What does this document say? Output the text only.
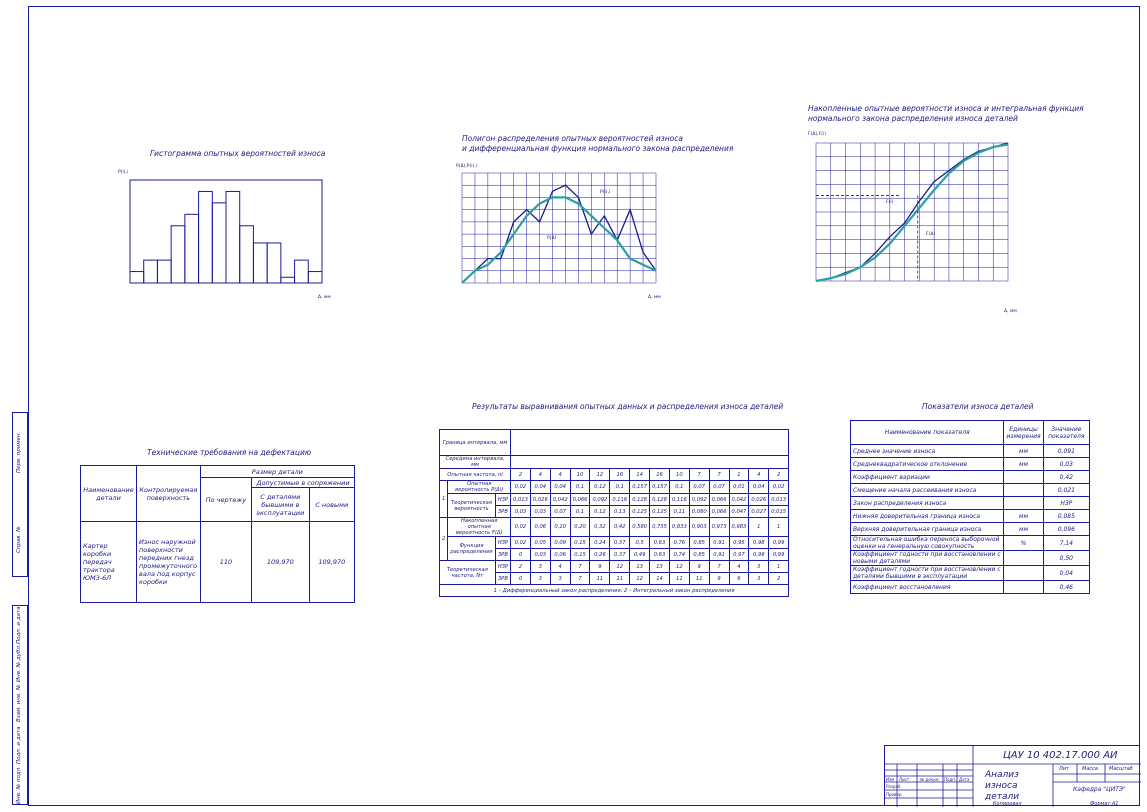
Перв. примен.
Справ. №
Подп. и дата
Инв. № дубл.
Взам. инв. №
Подп. и дата
Инв. № подл.
Гистограмма опытных вероятностей износа
P(i),i
Δ, мм
Полигон распределения опытных вероятностей износа
и дифференциальная функция нормального закона распределения
P(Δ),P(i),i
Δ, мм
P(i),i
P(Δ)
Накопленные опытные вероятности износа и интегральная функция
нормального закона распределения износа деталей
F(Δ),F(i)
Δ, мм
F(i)
F(Δ)
Технические требования на дефектацию
Наименование детали	Контролируемая поверхность	Размер детали		
		По чертежу	Допустимые в сопряжении	
			С деталями бывшими в эксплуатации	С новыми
Картер коробки передач трактора ЮМЗ-6Л	Износ наружной поверхности передних гнезд промежуточного вала под корпус коробки	110	109,970	109,970
Результаты выравнивания опытных данных и распределения износа деталей
Граница интервала, мм																
Середина интервала, мм																
Опытная частота, ni			2	4	4	10	12	16	14	16	10	7	7	1	4	2
1	Опытная вероятность P(Δi)		0,02	0,04	0,04	0,1	0,12	0,1	0,157	0,157	0,1	0,07	0,07	0,01	0,04	0,02
	Теоретическая вероятность	НЗР	0,013	0,026	0,042	0,066	0,092	0,116	0,128	0,128	0,116	0,092	0,066	0,042	0,026	0,013
		ЗРВ	0,03	0,03	0,07	0,1	0,12	0,13	0,125	0,125	0,11	0,080	0,066	0,047	0,027	0,015
2	Накопленная опытная вероятность F(Δ)		0,02	0,06	0,10	0,20	0,32	0,42	0,580	0,735	0,833	0,903	0,973	0,983	1	1
	Функция распределения	НЗР	0,02	0,05	0,09	0,15	0,24	0,37	0,5	0,63	0,76	0,85	0,91	0,95	0,98	0,99
		ЗРВ	0	0,03	0,06	0,15	0,26	0,37	0,49	0,63	0,74	0,85	0,91	0,97	0,99	0,99
Теоретическая частота, Nт		НЗР	2	3	4	7	9	12	13	13	12	9	7	4	3	1
		ЗРВ	0	3	3	7	11	11	12	14	11	11	9	6	3	2
1 – Дифференциальный закон распределения, 2 – Интегральный закон распределения																
Показатели износа деталей
Наименование показателя	Единицы измерения	Значение показателя
Среднее значение износа	мм	0,091
Среднеквадратическое отклонение	мм	0,03
Коэффициент вариации		0,42
Смещение начала рассеивания износа		0,021
Закон распределения износа		НЗР
Нижняя доверительная граница износа	мм	0,085
Верхняя доверительная граница износа	мм	0,096
Относительная ошибка переноса выборочной оценки на генеральную совокупность	%	7,14
Коэффициент годности при восстановлении с новыми деталями		0,50
Коэффициент годности при восстановлении с деталями бывшими в эксплуатации		0,04
Коэффициент восстановления		0,46
ЦАУ 10 402.17.000 АИ
Анализ износа детали
Лит	Масса Масштаб
Кафедра "ЦИТЭ"
Копировал	Формат А1
Изм Лист	№ докум. Подп. Дата
Разраб.
Провер.
